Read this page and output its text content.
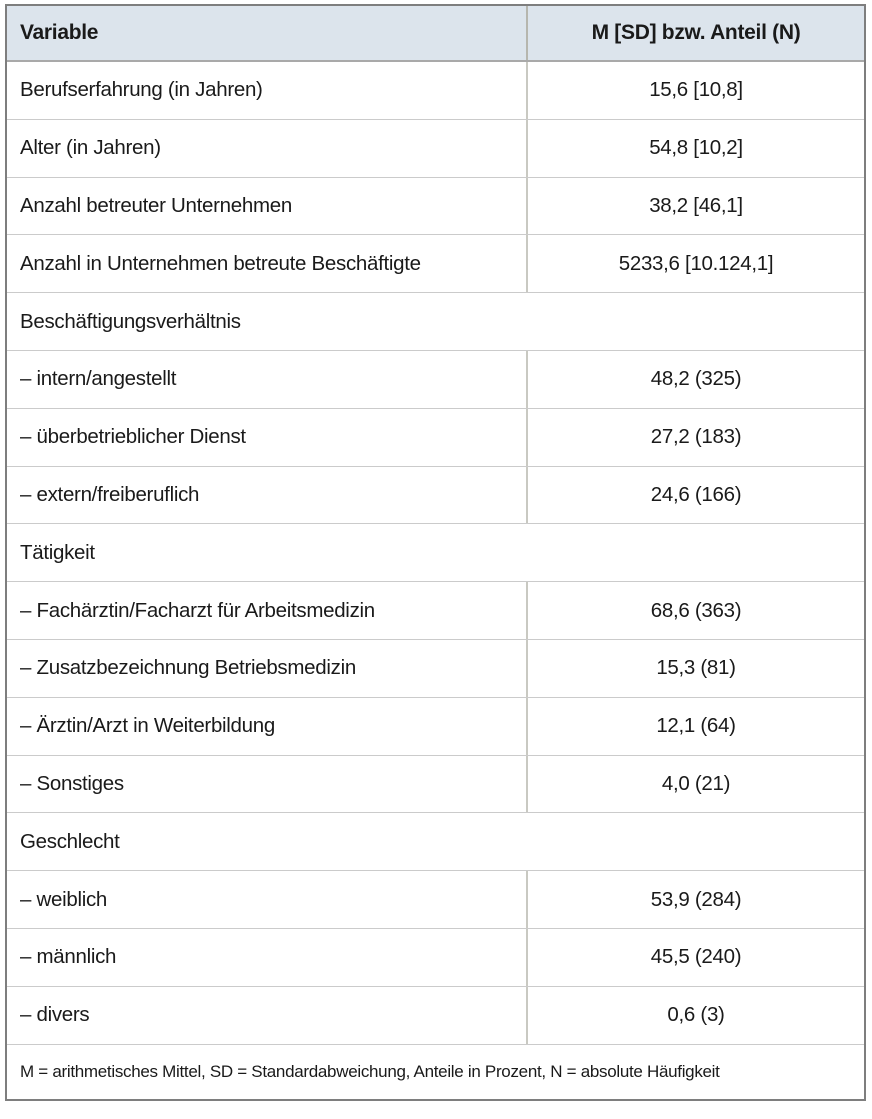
Variable	M [SD] bzw. Anteil (N)
Berufserfahrung (in Jahren)	15,6 [10,8]
Alter (in Jahren)	54,8 [10,2]
Anzahl betreuter Unternehmen	38,2 [46,1]
Anzahl in Unternehmen betreute Beschäftigte	5233,6 [10.124,1]
Beschäftigungsverhältnis
– intern/angestellt	48,2 (325)
– überbetrieblicher Dienst	27,2 (183)
– extern/freiberuflich	24,6 (166)
Tätigkeit
– Fachärztin/Facharzt für Arbeitsmedizin	68,6 (363)
– Zusatzbezeichnung Betriebsmedizin	15,3 (81)
– Ärztin/Arzt in Weiterbildung	12,1 (64)
– Sonstiges	4,0 (21)
Geschlecht
– weiblich	53,9 (284)
– männlich	45,5 (240)
– divers	0,6 (3)
M = arithmetisches Mittel, SD = Standardabweichung, Anteile in Prozent, N = absolute Häufigkeit
